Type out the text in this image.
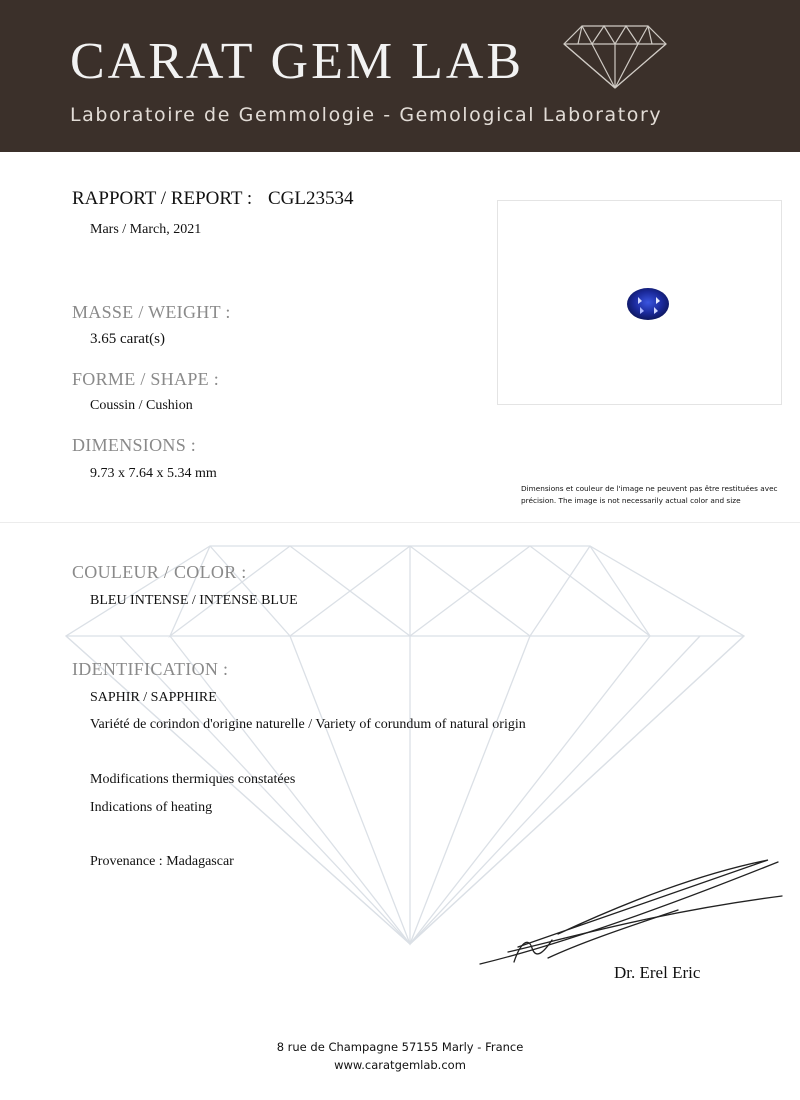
CARAT GEM LAB
Laboratoire de Gemmologie - Gemological Laboratory
RAPPORT / REPORT : CGL23534
Mars / March, 2021
MASSE / WEIGHT :
3.65 carat(s)
FORME / SHAPE :
Coussin / Cushion
DIMENSIONS :
9.73 x 7.64 x 5.34 mm
Dimensions et couleur de l'image ne peuvent pas être restituées avec précision. The image is not necessarily actual color and size
COULEUR / COLOR :
BLEU INTENSE / INTENSE BLUE
IDENTIFICATION :
SAPHIR / SAPPHIRE
Variété de corindon d'origine naturelle / Variety of corundum of natural origin
Modifications thermiques constatées
Indications of heating
Provenance : Madagascar
Dr. Erel Eric
8 rue de Champagne 57155 Marly - France
www.caratgemlab.com
